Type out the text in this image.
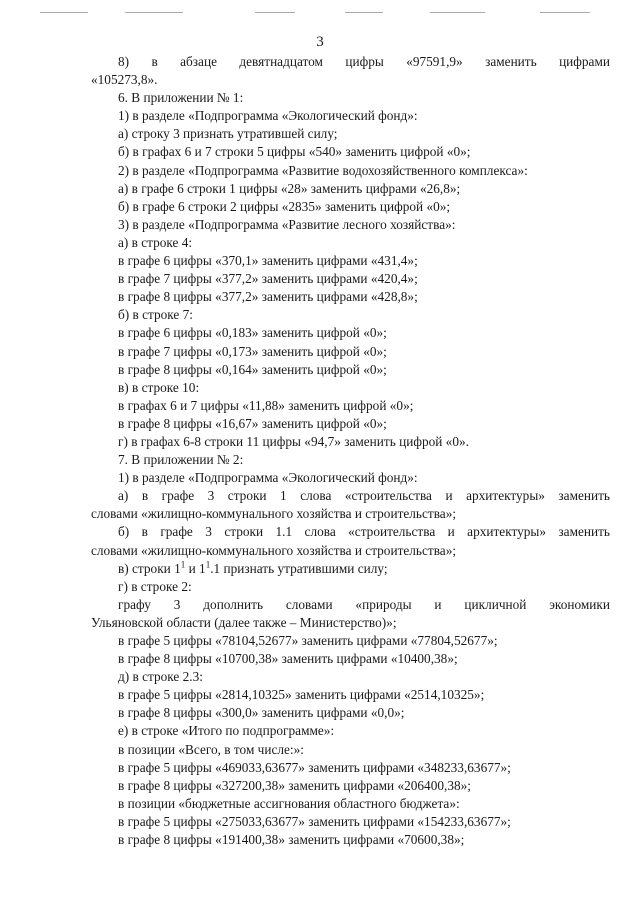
3
8) в абзаце девятнадцатом цифры «97591,9» заменить цифрами
«105273,8».
6. В приложении № 1:
1) в разделе «Подпрограмма «Экологический фонд»:
а) строку 3 признать утратившей силу;
б) в графах 6 и 7 строки 5 цифры «540» заменить цифрой «0»;
2) в разделе «Подпрограмма «Развитие водохозяйственного комплекса»:
а) в графе 6 строки 1 цифры «28» заменить цифрами «26,8»;
б) в графе 6 строки 2 цифры «2835» заменить цифрой «0»;
3) в разделе «Подпрограмма «Развитие лесного хозяйства»:
а) в строке 4:
в графе 6 цифры «370,1» заменить цифрами «431,4»;
в графе 7 цифры «377,2» заменить цифрами «420,4»;
в графе 8 цифры «377,2» заменить цифрами «428,8»;
б) в строке 7:
в графе 6 цифры «0,183» заменить цифрой «0»;
в графе 7 цифры «0,173» заменить цифрой «0»;
в графе 8 цифры «0,164» заменить цифрой «0»;
в) в строке 10:
в графах 6 и 7 цифры «11,88» заменить цифрой «0»;
в графе 8 цифры «16,67» заменить цифрой «0»;
г) в графах 6-8 строки 11 цифры «94,7» заменить цифрой «0».
7. В приложении № 2:
1) в разделе «Подпрограмма «Экологический фонд»:
а) в графе 3 строки 1 слова «строительства и архитектуры» заменить
словами «жилищно-коммунального хозяйства и строительства»;
б) в графе 3 строки 1.1 слова «строительства и архитектуры» заменить
словами «жилищно-коммунального хозяйства и строительства»;
в) строки $1^1$ и $1^1.1$ признать утратившими силу;
г) в строке 2:
графу 3 дополнить словами «природы и цикличной экономики
Ульяновской области (далее также – Министерство)»;
в графе 5 цифры «78104,52677» заменить цифрами «77804,52677»;
в графе 8 цифры «10700,38» заменить цифрами «10400,38»;
д) в строке 2.3:
в графе 5 цифры «2814,10325» заменить цифрами «2514,10325»;
в графе 8 цифры «300,0» заменить цифрами «0,0»;
е) в строке «Итого по подпрограмме»:
в позиции «Всего, в том числе:»:
в графе 5 цифры «469033,63677» заменить цифрами «348233,63677»;
в графе 8 цифры «327200,38» заменить цифрами «206400,38»;
в позиции «бюджетные ассигнования областного бюджета»:
в графе 5 цифры «275033,63677» заменить цифрами «154233,63677»;
в графе 8 цифры «191400,38» заменить цифрами «70600,38»;
